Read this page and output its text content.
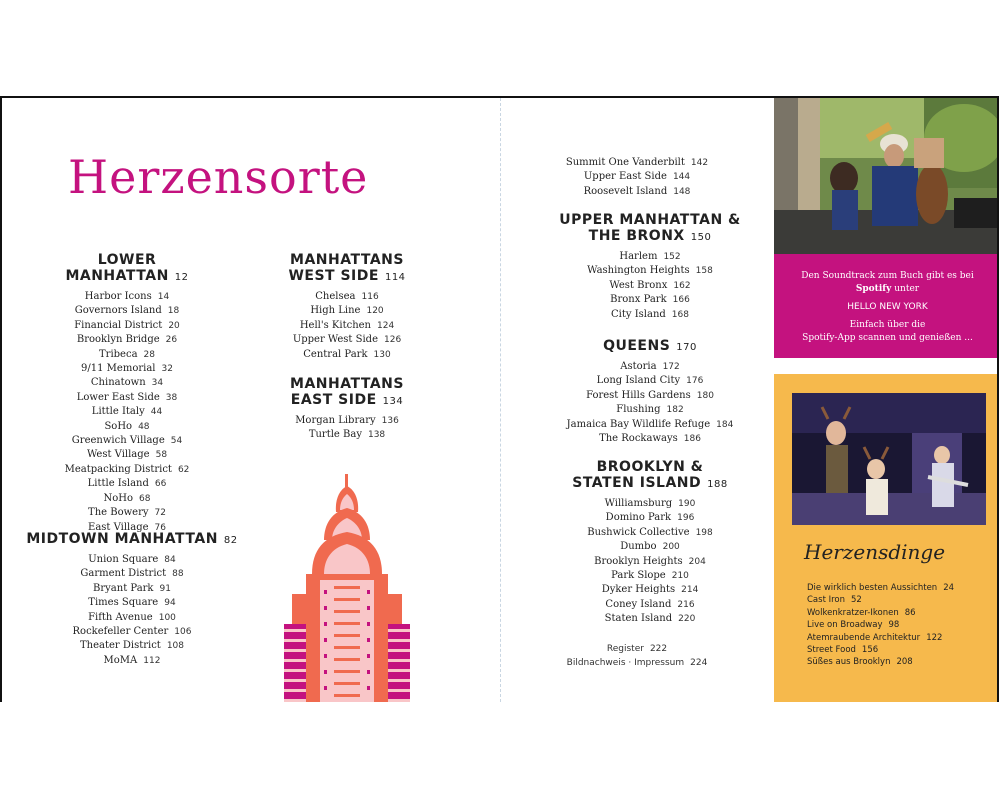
Herzensorte
LOWER MANHATTAN 12
Harbor Icons 14
Governors Island 18
Financial District 20
Brooklyn Bridge 26
Tribeca 28
9/11 Memorial 32
Chinatown 34
Lower East Side 38
Little Italy 44
SoHo 48
Greenwich Village 54
West Village 58
Meatpacking District 62
Little Island 66
NoHo 68
The Bowery 72
East Village 76
MIDTOWN MANHATTAN 82
Union Square 84
Garment District 88
Bryant Park 91
Times Square 94
Fifth Avenue 100
Rockefeller Center 106
Theater District 108
MoMA 112
MANHATTANS
WEST SIDE 114
Chelsea 116
High Line 120
Hell's Kitchen 124
Upper West Side 126
Central Park 130
MANHATTANS
EAST SIDE 134
Morgan Library 136
Turtle Bay 138
Summit One Vanderbilt 142
Upper East Side 144
Roosevelt Island 148
UPPER MANHATTAN &
THE BRONX 150
Harlem 152
Washington Heights 158
West Bronx 162
Bronx Park 166
City Island 168
QUEENS 170
Astoria 172
Long Island City 176
Forest Hills Gardens 180
Flushing 182
Jamaica Bay Wildlife Refuge 184
The Rockaways 186
BROOKLYN &
STATEN ISLAND 188
Williamsburg 190
Domino Park 196
Bushwick Collective 198
Dumbo 200
Brooklyn Heights 204
Park Slope 210
Dyker Heights 214
Coney Island 216
Staten Island 220
Register 222
Bildnachweis · Impressum 224
Den Soundtrack zum Buch gibt es bei
Spotify unter
HELLO NEW YORK
Einfach über die
Spotify-App scannen und genießen ...
Herzensdinge
Die wirklich besten Aussichten 24
Cast Iron 52
Wolkenkratzer-Ikonen 86
Live on Broadway 98
Atemraubende Architektur 122
Street Food 156
Süßes aus Brooklyn 208
